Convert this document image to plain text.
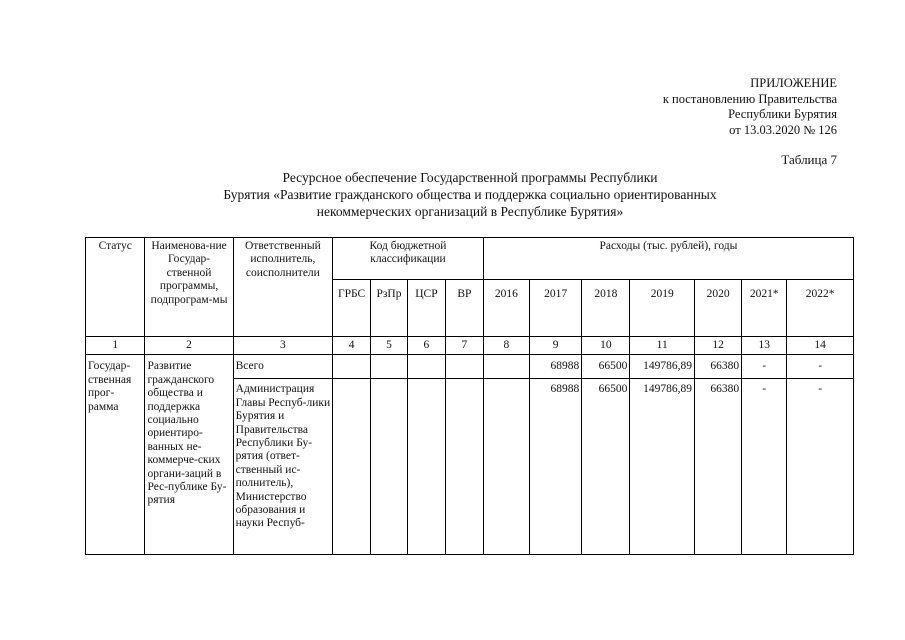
ПРИЛОЖЕНИЕ
к постановлению Правительства
Республики Бурятия
от 13.03.2020 № 126
Таблица 7
Ресурсное обеспечение Государственной программы Республики
Бурятия «Развитие гражданского общества и поддержка социально ориентированных
некоммерческих организаций в Республике Бурятия»
Статус	Наименова-ние Государ-ственной программы, подпрограм-мы	Ответственный исполнитель, соисполнители	Код бюджетной классификации				Расходы (тыс. рублей), годы						
			ГРБС	РзПр	ЦСР	ВР	2016	2017	2018	2019	2020	2021*	2022*
1	2	3	4	5	6	7	8	9	10	11	12	13	14
Государ-ственная прог-рамма	Развитие гражданского общества и поддержка социально ориентиро-ванных не-коммерче-ских органи-заций в Рес-публике Бу-рятия	Всего						68988	66500	149786,89	66380	-	-
		Администрация Главы Респуб-лики Бурятия и Правительства Республики Бу-рятия (ответ-ственный ис-полнитель), Министерство образования и науки Респуб-						68988	66500	149786,89	66380	-	-
